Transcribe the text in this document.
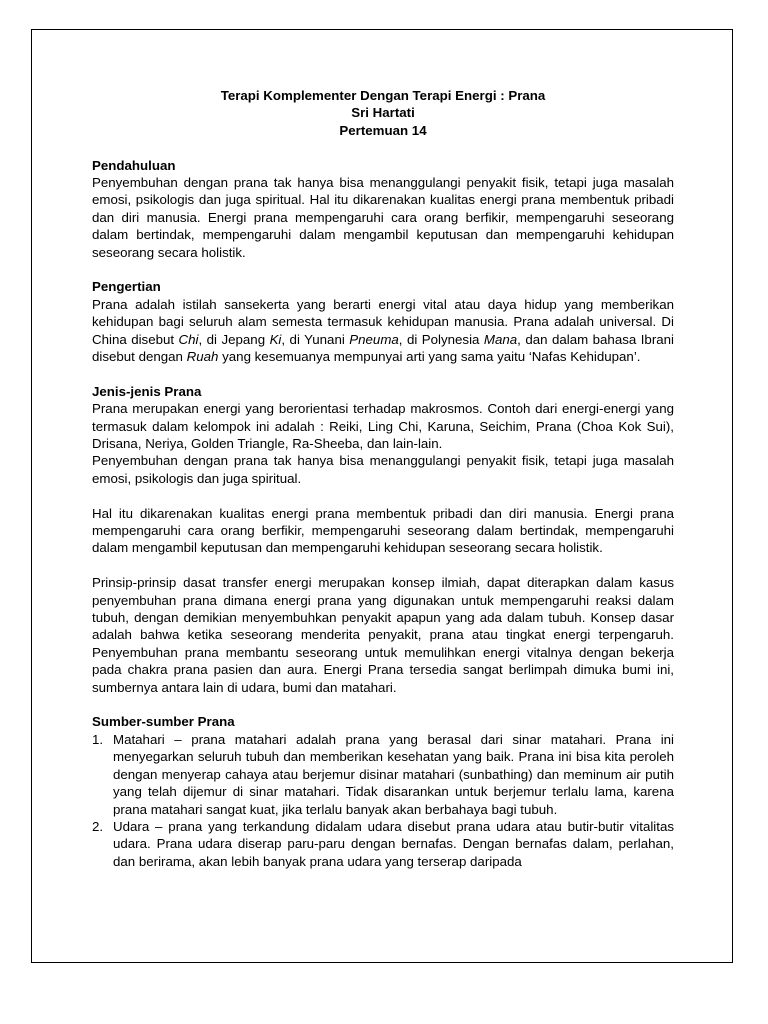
Terapi Komplementer Dengan Terapi Energi : Prana
Sri Hartati
Pertemuan 14
Pendahuluan

Penyembuhan dengan prana tak hanya bisa menanggulangi penyakit fisik, tetapi juga masalah emosi, psikologis dan juga spiritual. Hal itu dikarenakan kualitas energi prana membentuk pribadi dan diri manusia. Energi prana mempengaruhi cara orang berfikir, mempengaruhi seseorang dalam bertindak, mempengaruhi dalam mengambil keputusan dan mempengaruhi kehidupan seseorang secara holistik.

Pengertian

Prana adalah istilah sansekerta yang berarti energi vital atau daya hidup yang memberikan kehidupan bagi seluruh alam semesta termasuk kehidupan manusia. Prana adalah universal. Di China disebut Chi, di Jepang Ki, di Yunani Pneuma, di Polynesia Mana, dan dalam bahasa Ibrani disebut dengan Ruah yang kesemuanya mempunyai arti yang sama yaitu ‘Nafas Kehidupan’.

Jenis-jenis Prana

Prana merupakan energi yang berorientasi terhadap makrosmos. Contoh dari energi-energi yang termasuk dalam kelompok ini adalah : Reiki, Ling Chi, Karuna, Seichim, Prana (Choa Kok Sui), Drisana, Neriya, Golden Triangle, Ra-Sheeba, dan lain-lain.

Penyembuhan dengan prana tak hanya bisa menanggulangi penyakit fisik, tetapi juga masalah emosi, psikologis dan juga spiritual.

Hal itu dikarenakan kualitas energi prana membentuk pribadi dan diri manusia. Energi prana mempengaruhi cara orang berfikir, mempengaruhi seseorang dalam bertindak, mempengaruhi dalam mengambil keputusan dan mempengaruhi kehidupan seseorang secara holistik.

Prinsip-prinsip dasat transfer energi merupakan konsep ilmiah, dapat diterapkan dalam kasus penyembuhan prana dimana energi prana yang digunakan untuk mempengaruhi reaksi dalam tubuh, dengan demikian menyembuhkan penyakit apapun yang ada dalam tubuh. Konsep dasar adalah bahwa ketika seseorang menderita penyakit, prana atau tingkat energi terpengaruh. Penyembuhan prana membantu seseorang untuk memulihkan energi vitalnya dengan bekerja pada chakra prana pasien dan aura. Energi Prana tersedia sangat berlimpah dimuka bumi ini, sumbernya antara lain di udara, bumi dan matahari.

Sumber-sumber Prana
1. Matahari – prana matahari adalah prana yang berasal dari sinar matahari. Prana ini menyegarkan seluruh tubuh dan memberikan kesehatan yang baik. Prana ini bisa kita peroleh dengan menyerap cahaya atau berjemur disinar matahari (sunbathing) dan meminum air putih yang telah dijemur di sinar matahari. Tidak disarankan untuk berjemur terlalu lama, karena prana matahari sangat kuat, jika terlalu banyak akan berbahaya bagi tubuh.
2. Udara – prana yang terkandung didalam udara disebut prana udara atau butir-butir vitalitas udara. Prana udara diserap paru-paru dengan bernafas. Dengan bernafas dalam, perlahan, dan berirama, akan lebih banyak prana udara yang terserap daripada
